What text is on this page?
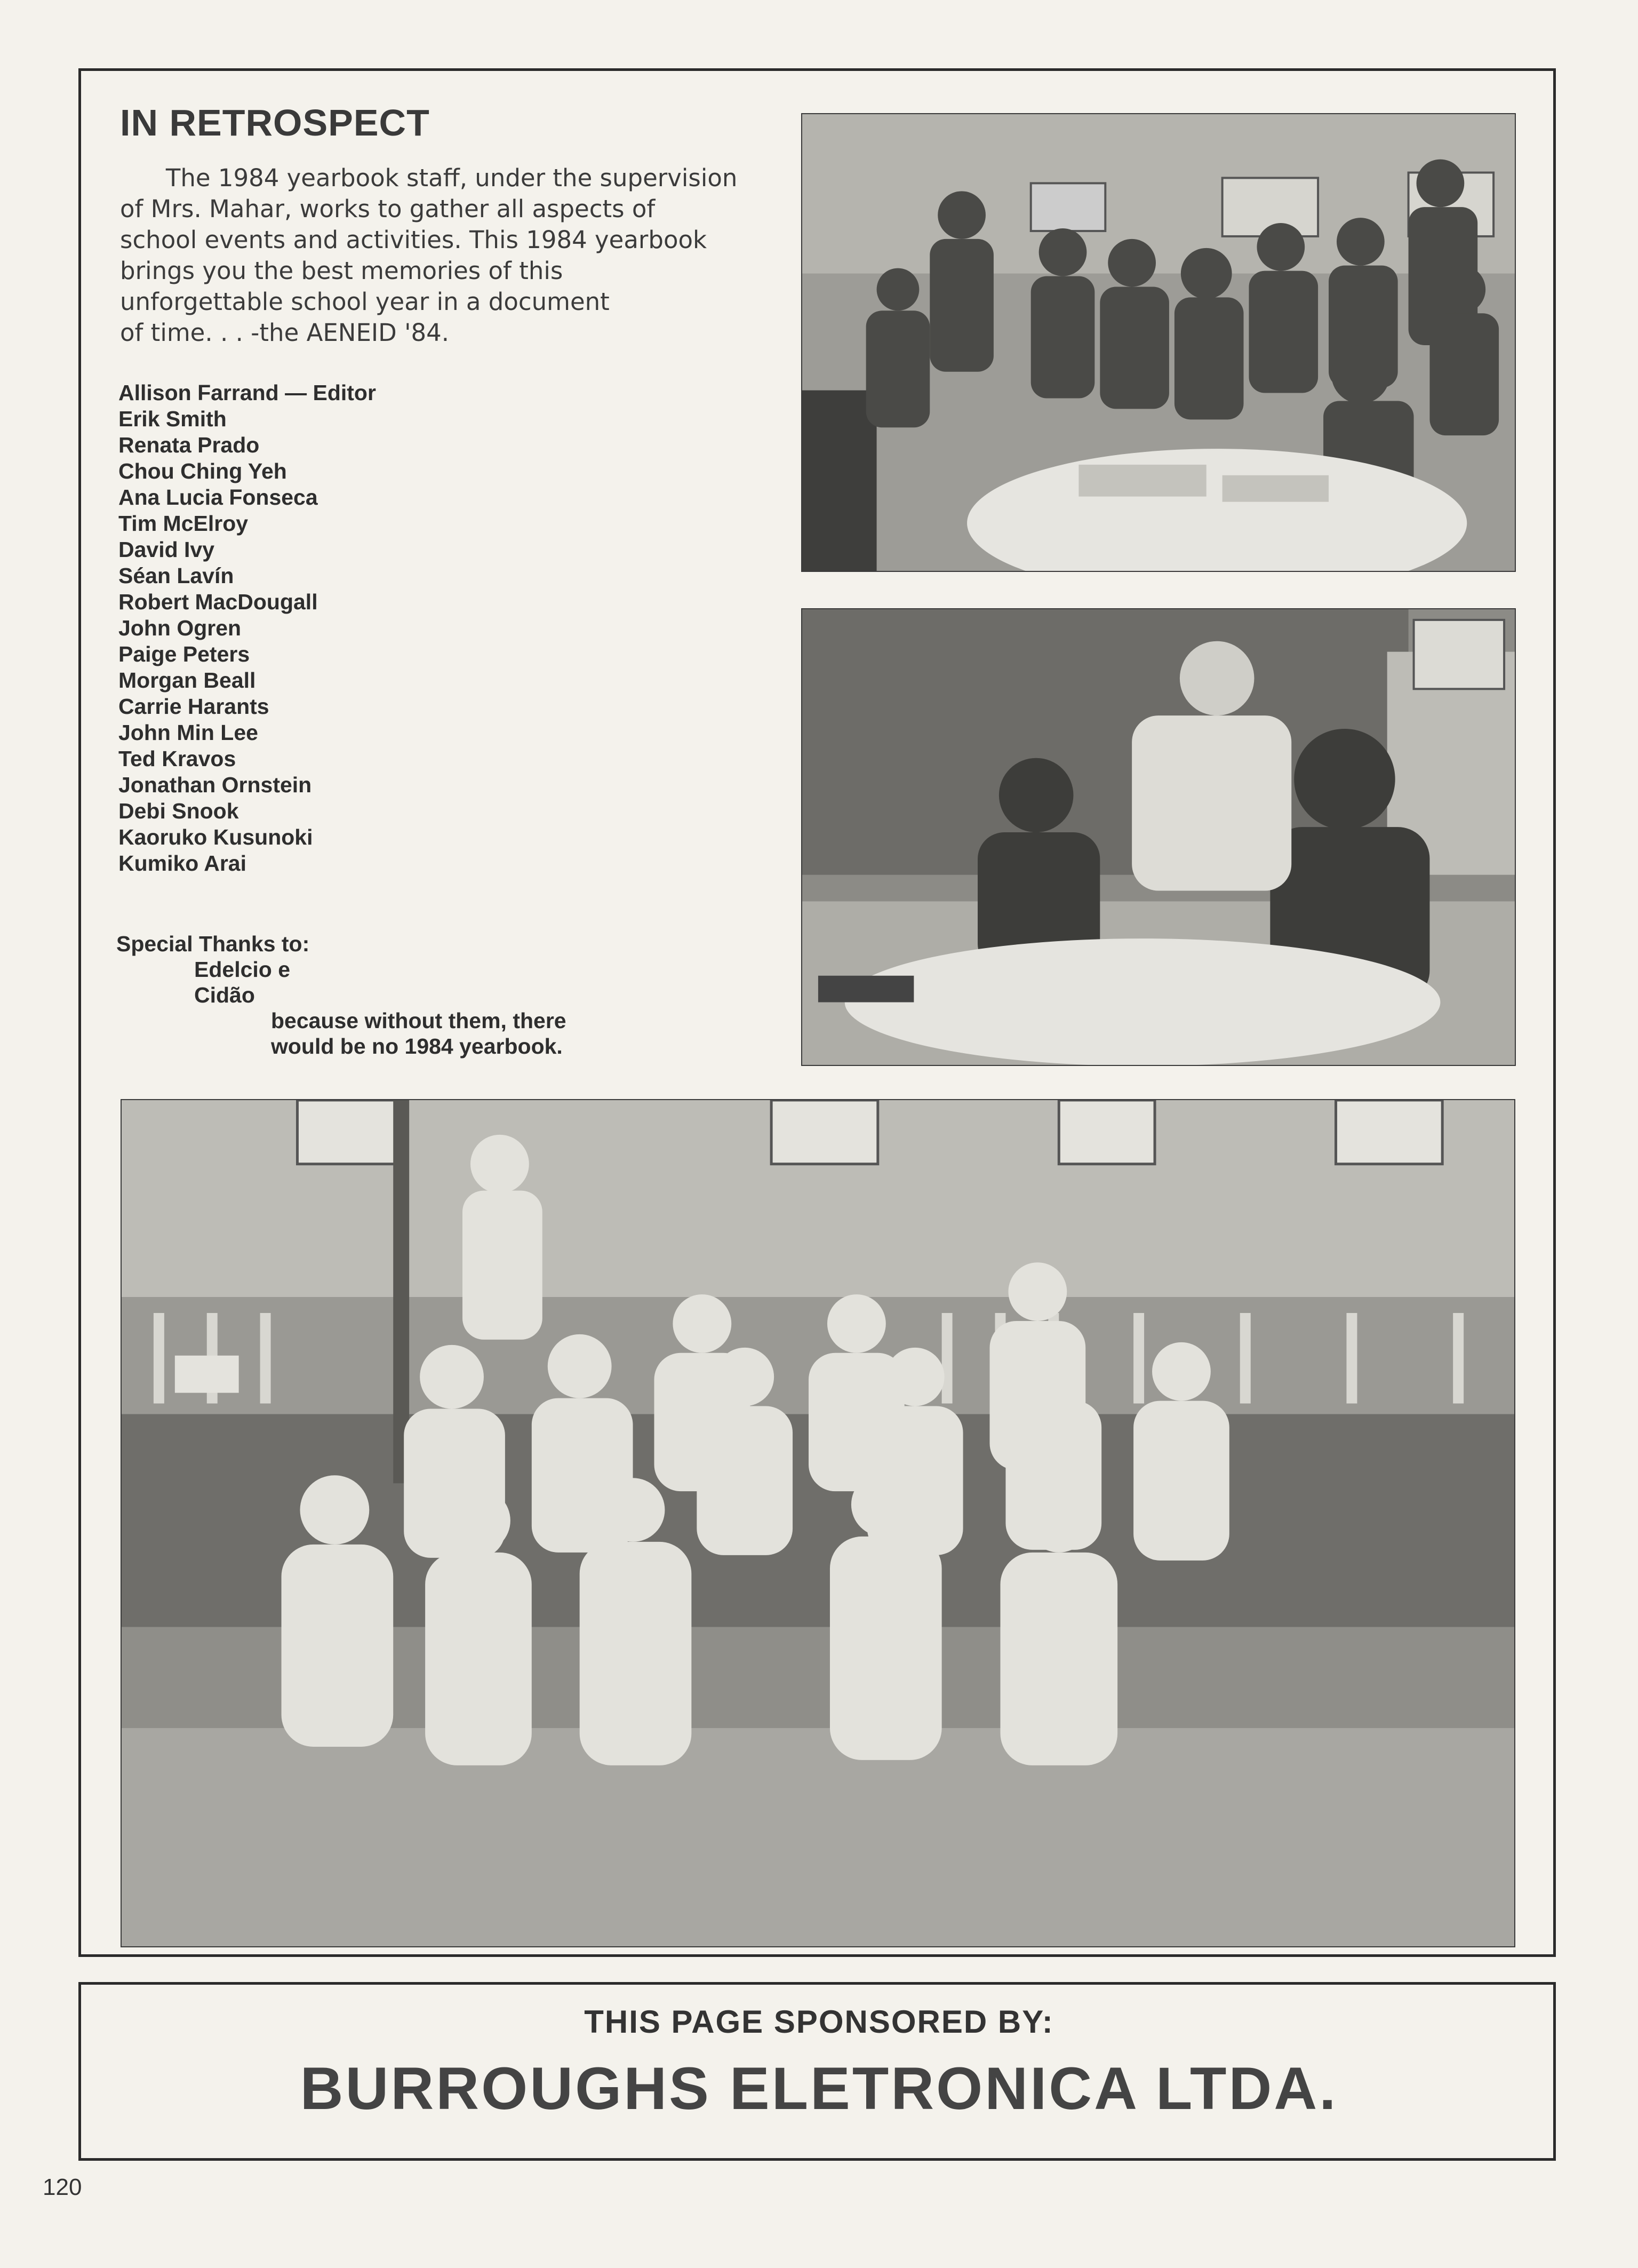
IN RETROSPECT

The 1984 yearbook staff, under the supervision
of Mrs. Mahar, works to gather all aspects of
school events and activities. This 1984 yearbook
brings you the best memories of this
unforgettable school year in a document
of time. . . -the AENEID '84.

Allison Farrand — Editor
Erik Smith
Renata Prado
Chou Ching Yeh
Ana Lucia Fonseca
Tim McElroy
David Ivy
Séan Lavín
Robert MacDougall
John Ogren
Paige Peters
Morgan Beall
Carrie Harants
John Min Lee
Ted Kravos
Jonathan Ornstein
Debi Snook
Kaoruko Kusunoki
Kumiko Arai
Special Thanks to:
Edelcio e
Cidão
because without them, there
would be no 1984 yearbook.

THIS PAGE SPONSORED BY:

BURROUGHS ELETRONICA LTDA.

120
